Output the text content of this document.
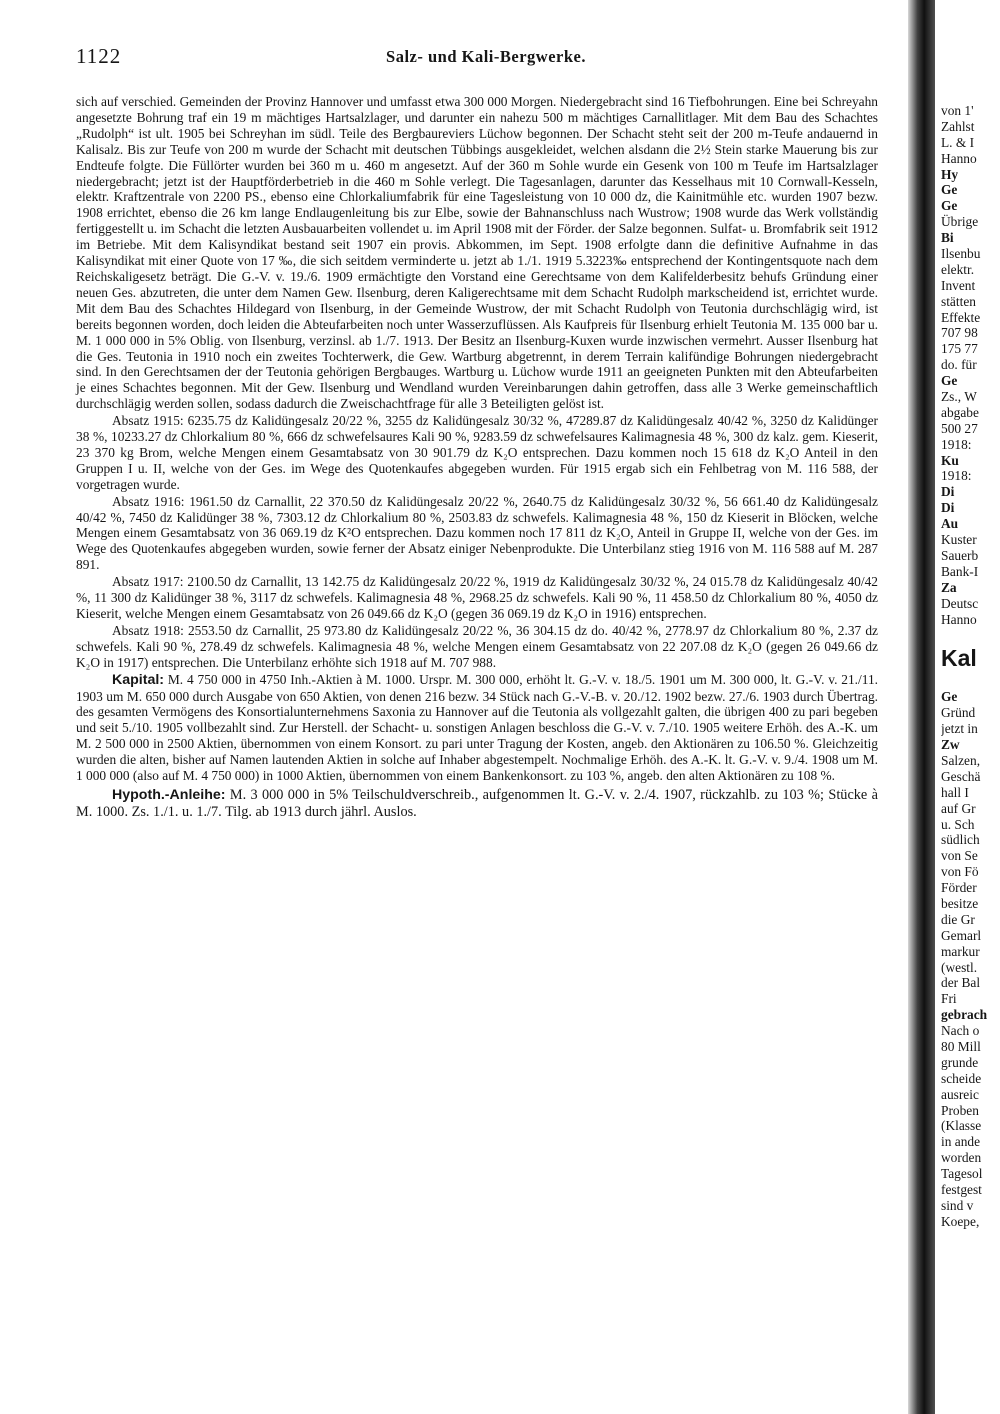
1122	Salz- und Kali-Bergwerke.

sich auf verschied. Gemeinden der Provinz Hannover und umfasst etwa 300 000 Morgen. Niedergebracht sind 16 Tiefbohrungen. Eine bei Schreyahn angesetzte Bohrung traf ein 19 m mächtiges Hartsalzlager, und darunter ein nahezu 500 m mächtiges Carnallitlager. Mit dem Bau des Schachtes „Rudolph“ ist ult. 1905 bei Schreyhan im südl. Teile des Bergbaureviers Lüchow begonnen. Der Schacht steht seit der 200 m-Teufe andauernd in Kalisalz. Bis zur Teufe von 200 m wurde der Schacht mit deutschen Tübbings ausgekleidet, welchen alsdann die 2½ Stein starke Mauerung bis zur Endteufe folgte. Die Füllörter wurden bei 360 m u. 460 m angesetzt. Auf der 360 m Sohle wurde ein Gesenk von 100 m Teufe im Hartsalzlager niedergebracht; jetzt ist der Hauptförderbetrieb in die 460 m Sohle verlegt. Die Tagesanlagen, darunter das Kesselhaus mit 10 Cornwall-Kesseln, elektr. Kraftzentrale von 2200 PS., ebenso eine Chlorkaliumfabrik für eine Tagesleistung von 10 000 dz, die Kainitmühle etc. wurden 1907 bezw. 1908 errichtet, ebenso die 26 km lange Endlaugenleitung bis zur Elbe, sowie der Bahnanschluss nach Wustrow; 1908 wurde das Werk vollständig fertiggestellt u. im Schacht die letzten Ausbauarbeiten vollendet u. im April 1908 mit der Förder. der Salze begonnen. Sulfat- u. Bromfabrik seit 1912 im Betriebe. Mit dem Kalisyndikat bestand seit 1907 ein provis. Abkommen, im Sept. 1908 erfolgte dann die definitive Aufnahme in das Kalisyndikat mit einer Quote von 17 ‰, die sich seitdem verminderte u. jetzt ab 1./1. 1919 5.3223‰ entsprechend der Kontingentsquote nach dem Reichskaligesetz beträgt. Die G.-V. v. 19./6. 1909 ermächtigte den Vorstand eine Gerechtsame von dem Kalifelderbesitz behufs Gründung einer neuen Ges. abzutreten, die unter dem Namen Gew. Ilsenburg, deren Kaligerechtsame mit dem Schacht Rudolph markscheidend ist, errichtet wurde. Mit dem Bau des Schachtes Hildegard von Ilsenburg, in der Gemeinde Wustrow, der mit Schacht Rudolph von Teutonia durchschlägig wird, ist bereits begonnen worden, doch leiden die Abteufarbeiten noch unter Wasserzuflüssen. Als Kaufpreis für Ilsenburg erhielt Teutonia M. 135 000 bar u. M. 1 000 000 in 5% Oblig. von Ilsenburg, verzinsl. ab 1./7. 1913. Der Besitz an Ilsenburg-Kuxen wurde inzwischen vermehrt. Ausser Ilsenburg hat die Ges. Teutonia in 1910 noch ein zweites Tochterwerk, die Gew. Wartburg abgetrennt, in derem Terrain kalifündige Bohrungen niedergebracht sind. In den Gerechtsamen der der Teutonia gehörigen Bergbauges. Wartburg u. Lüchow wurde 1911 an geeigneten Punkten mit den Abteufarbeiten je eines Schachtes begonnen. Mit der Gew. Ilsenburg und Wendland wurden Vereinbarungen dahin getroffen, dass alle 3 Werke gemeinschaftlich durchschlägig werden sollen, sodass dadurch die Zweischachtfrage für alle 3 Beteiligten gelöst ist.

Absatz 1915: 6235.75 dz Kalidüngesalz 20/22 %, 3255 dz Kalidüngesalz 30/32 %, 47289.87 dz Kalidüngesalz 40/42 %, 3250 dz Kalidünger 38 %, 10233.27 dz Chlorkalium 80 %, 666 dz schwefelsaures Kali 90 %, 9283.59 dz schwefelsaures Kalimagnesia 48 %, 300 dz kalz. gem. Kieserit, 23 370 kg Brom, welche Mengen einem Gesamtabsatz von 30 901.79 dz K₂O entsprechen. Dazu kommen noch 15 618 dz K₂O Anteil in den Gruppen I u. II, welche von der Ges. im Wege des Quotenkaufes abgegeben wurden. Für 1915 ergab sich ein Fehlbetrag von M. 116 588, der vorgetragen wurde.

Absatz 1916: 1961.50 dz Carnallit, 22 370.50 dz Kalidüngesalz 20/22 %, 2640.75 dz Kalidüngesalz 30/32 %, 56 661.40 dz Kalidüngesalz 40/42 %, 7450 dz Kalidünger 38 %, 7303.12 dz Chlorkalium 80 %, 2503.83 dz schwefels. Kalimagnesia 48 %, 150 dz Kieserit in Blöcken, welche Mengen einem Gesamtabsatz von 36 069.19 dz K²O entsprechen. Dazu kommen noch 17 811 dz K₂O, Anteil in Gruppe II, welche von der Ges. im Wege des Quotenkaufes abgegeben wurden, sowie ferner der Absatz einiger Nebenprodukte. Die Unterbilanz stieg 1916 von M. 116 588 auf M. 287 891.

Absatz 1917: 2100.50 dz Carnallit, 13 142.75 dz Kalidüngesalz 20/22 %, 1919 dz Kalidüngesalz 30/32 %, 24 015.78 dz Kalidüngesalz 40/42 %, 11 300 dz Kalidünger 38 %, 3117 dz schwefels. Kalimagnesia 48 %, 2968.25 dz schwefels. Kali 90 %, 11 458.50 dz Chlorkalium 80 %, 4050 dz Kieserit, welche Mengen einem Gesamtabsatz von 26 049.66 dz K₂O (gegen 36 069.19 dz K₂O in 1916) entsprechen.

Absatz 1918: 2553.50 dz Carnallit, 25 973.80 dz Kalidüngesalz 20/22 %, 36 304.15 dz do. 40/42 %, 2778.97 dz Chlorkalium 80 %, 2.37 dz schwefels. Kali 90 %, 278.49 dz schwefels. Kalimagnesia 48 %, welche Mengen einem Gesamtabsatz von 22 207.08 dz K₂O (gegen 26 049.66 dz K₂O in 1917) entsprechen. Die Unterbilanz erhöhte sich 1918 auf M. 707 988.

Kapital: M. 4 750 000 in 4750 Inh.-Aktien à M. 1000. Urspr. M. 300 000, erhöht lt. G.-V. v. 18./5. 1901 um M. 300 000, lt. G.-V. v. 21./11. 1903 um M. 650 000 durch Ausgabe von 650 Aktien, von denen 216 bezw. 34 Stück nach G.-V.-B. v. 20./12. 1902 bezw. 27./6. 1903 durch Übertrag. des gesamten Vermögens des Konsortialunternehmens Saxonia zu Hannover auf die Teutonia als vollgezahlt galten, die übrigen 400 zu pari begeben und seit 5./10. 1905 vollbezahlt sind. Zur Herstell. der Schacht- u. sonstigen Anlagen beschloss die G.-V. v. 7./10. 1905 weitere Erhöh. des A.-K. um M. 2 500 000 in 2500 Aktien, übernommen von einem Konsort. zu pari unter Tragung der Kosten, angeb. den Aktionären zu 106.50 %. Gleichzeitig wurden die alten, bisher auf Namen lautenden Aktien in solche auf Inhaber abgestempelt. Nochmalige Erhöh. des A.-K. lt. G.-V. v. 9./4. 1908 um M. 1 000 000 (also auf M. 4 750 000) in 1000 Aktien, übernommen von einem Bankenkonsort. zu 103 %, angeb. den alten Aktionären zu 108 %.

Hypoth.-Anleihe: M. 3 000 000 in 5% Teilschuldverschreib., aufgenommen lt. G.-V. v. 2./4. 1907, rückzahlb. zu 103 %; Stücke à M. 1000. Zs. 1./1. u. 1./7. Tilg. ab 1913 durch jährl. Auslos.

von 1'
Zahlst
L. & I
Hanno
Hy
Ge
Ge
Übrige
Bi
Ilsenbu
elektr.
Invent
stätten
Effekte
707 98
175 77
do. für
Ge
Zs., W
abgabe
500 27
1918:
Ku
1918:
Di
Di
Au
Kuster
Sauerb
Bank-I
Za
Deutsc
Hanno
Kal
Ge
Gründ
jetzt in
Zw
Salzen,
Geschä
hall I
auf Gr
u. Sch
südlich
von Se
von Fö
Förder
besitze
die Gr
Gemarl
markur
(westl.
der Bal
Fri
gebrach
Nach o
80 Mill
grunde
scheide
ausreic
Proben
(Klasse
in ande
worden
Tagesol
festgest
sind v
Koepe,
